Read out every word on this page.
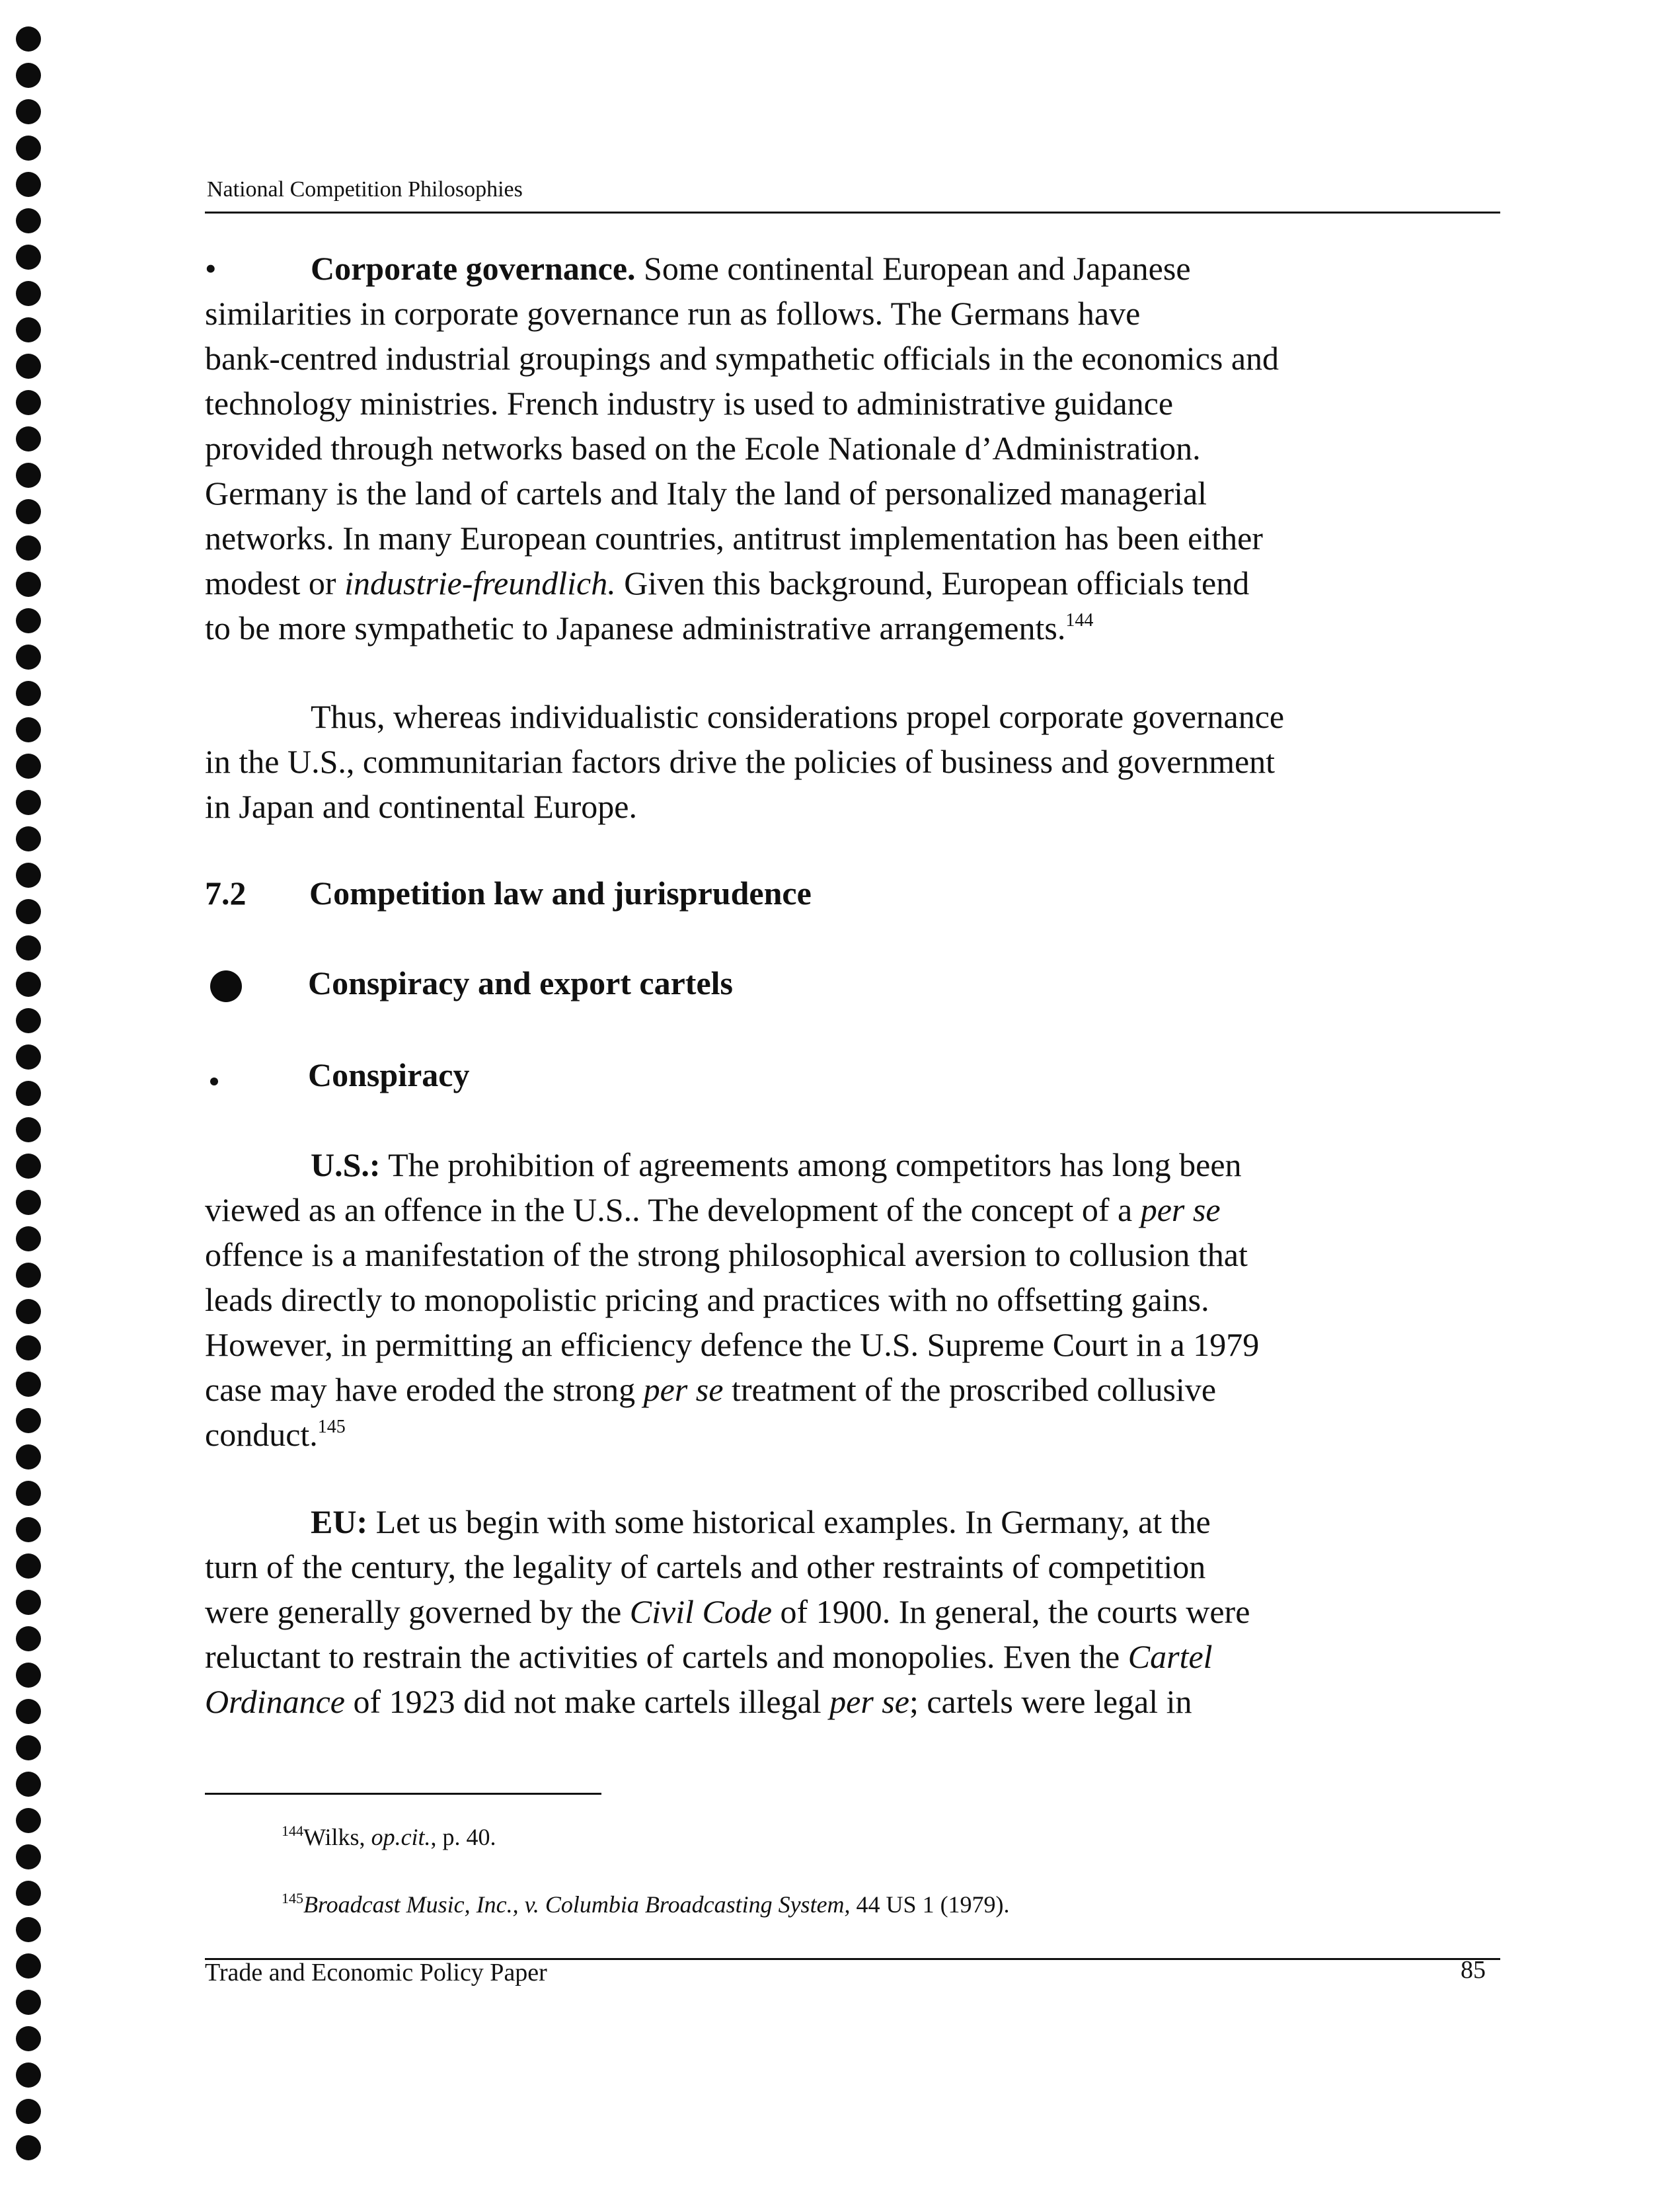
National Competition Philosophies
•	Corporate governance. Some continental European and Japanese
similarities in corporate governance run as follows. The Germans have
bank-centred industrial groupings and sympathetic officials in the economics and
technology ministries. French industry is used to administrative guidance
provided through networks based on the Ecole Nationale d’Administration.
Germany is the land of cartels and Italy the land of personalized managerial
networks. In many European countries, antitrust implementation has been either
modest or industrie-freundlich. Given this background, European officials tend
to be more sympathetic to Japanese administrative arrangements.$^{144}$
Thus, whereas individualistic considerations propel corporate governance
in the U.S., communitarian factors drive the policies of business and government
in Japan and continental Europe.
7.2 Competition law and jurisprudence
Conspiracy and export cartels
Conspiracy
U.S.: The prohibition of agreements among competitors has long been
viewed as an offence in the U.S.. The development of the concept of a per se
offence is a manifestation of the strong philosophical aversion to collusion that
leads directly to monopolistic pricing and practices with no offsetting gains.
However, in permitting an efficiency defence the U.S. Supreme Court in a 1979
case may have eroded the strong per se treatment of the proscribed collusive
conduct.$^{145}$
EU: Let us begin with some historical examples. In Germany, at the
turn of the century, the legality of cartels and other restraints of competition
were generally governed by the Civil Code of 1900. In general, the courts were
reluctant to restrain the activities of cartels and monopolies. Even the Cartel
Ordinance of 1923 did not make cartels illegal per se; cartels were legal in
$^{144}$Wilks, op.cit., p. 40.
$^{145}$Broadcast Music, Inc., v. Columbia Broadcasting System, 44 US 1 (1979).
Trade and Economic Policy Paper	85
